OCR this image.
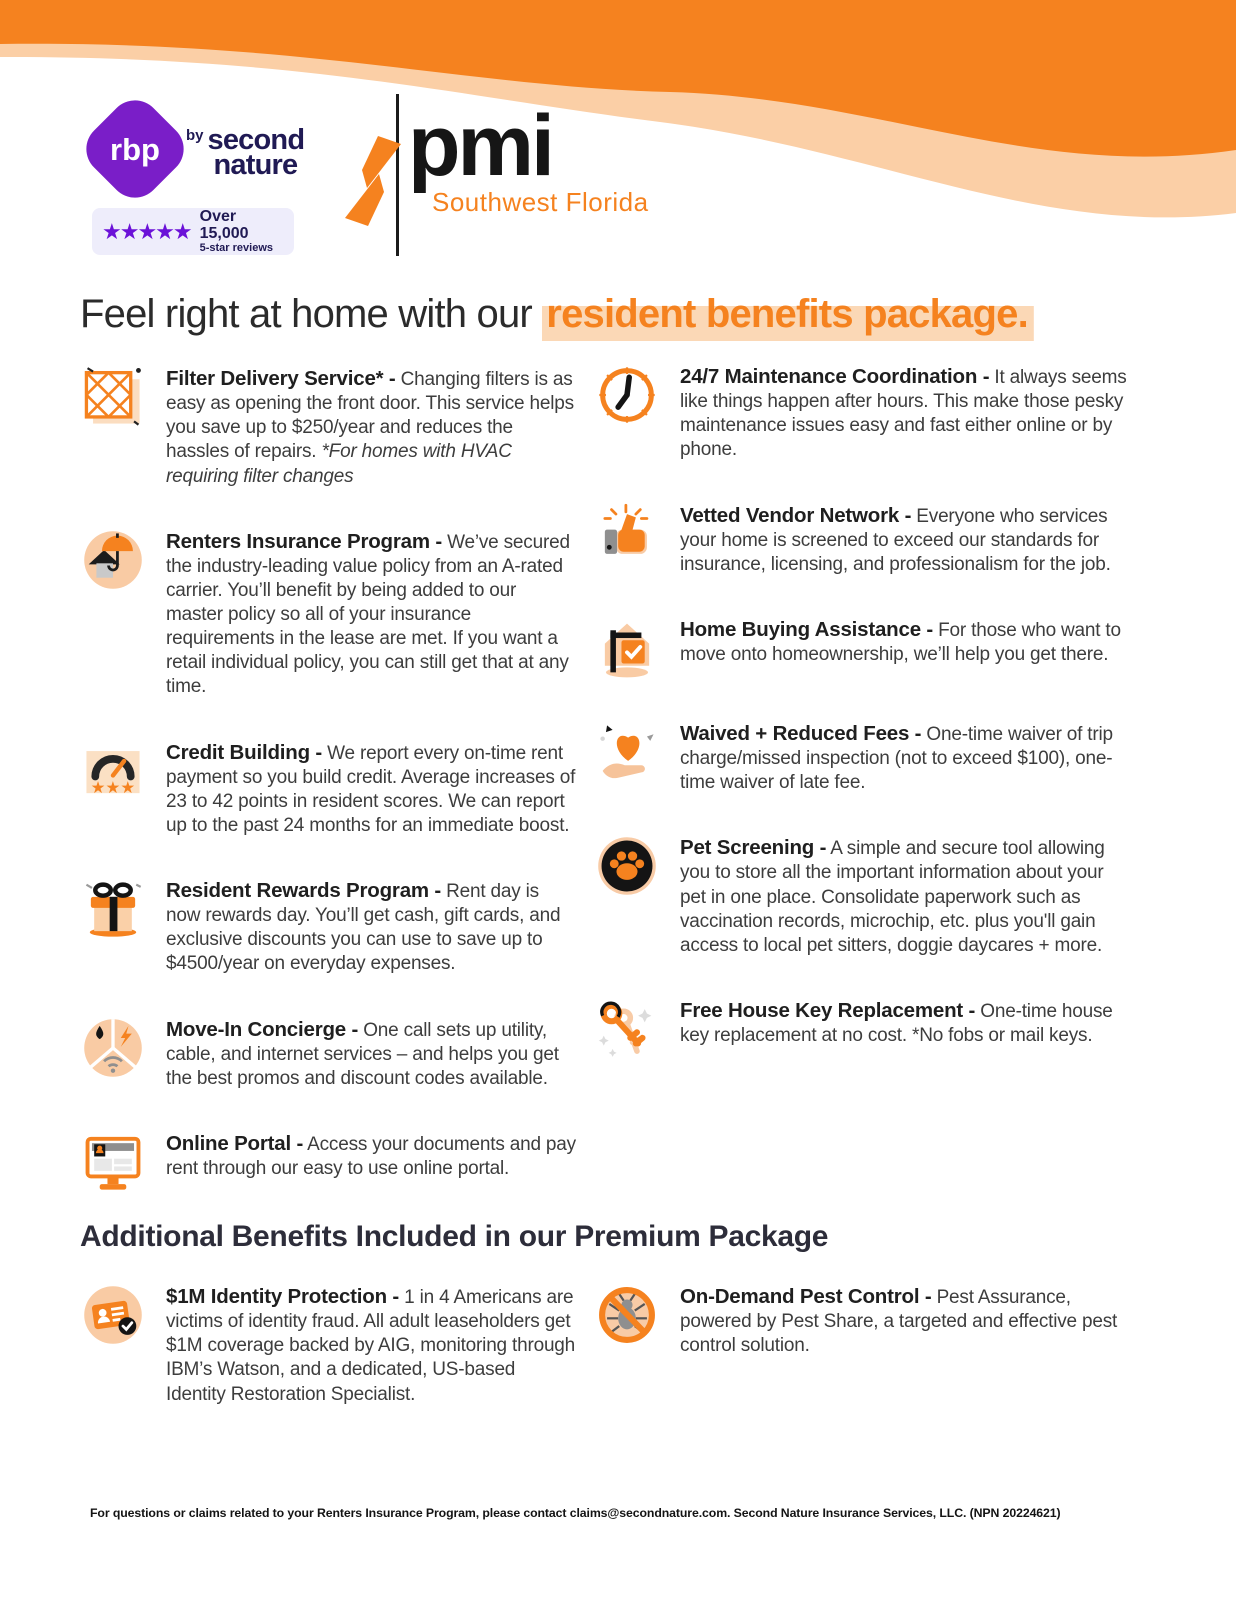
rbp by second
nature
★★★★★
Over 15,000
5-star reviews
pmi
Southwest Florida
Feel right at home with our resident benefits package.

Filter Delivery Service* - Changing filters is as easy as opening the front door. This service helps you save up to $250/year and reduces the hassles of repairs. *For homes with HVAC requiring filter changes

Renters Insurance Program - We’ve secured the industry-leading value policy from an A-rated carrier. You’ll benefit by being added to our master policy so all of your insurance requirements in the lease are met. If you want a retail individual policy, you can still get that at any time.

★★★

Credit Building - We report every on-time rent payment so you build credit. Average increases of 23 to 42 points in resident scores. We can report up to the past 24 months for an immediate boost.

Resident Rewards Program - Rent day is now rewards day. You’ll get cash, gift cards, and exclusive discounts you can use to save up to $4500/year on everyday expenses.

Move-In Concierge - One call sets up utility, cable, and internet services – and helps you get the best promos and discount codes available.

Online Portal - Access your documents and pay rent through our easy to use online portal.

24/7 Maintenance Coordination - It always seems like things happen after hours. This make those pesky maintenance issues easy and fast either online or by phone.

Vetted Vendor Network - Everyone who services your home is screened to exceed our standards for insurance, licensing, and professionalism for the job.

Home Buying Assistance - For those who want to move onto homeownership, we’ll help you get there.

Waived + Reduced Fees - One-time waiver of trip charge/missed inspection (not to exceed $100), one-time waiver of late fee.

Pet Screening - A simple and secure tool allowing you to store all the important information about your pet in one place. Consolidate paperwork such as vaccination records, microchip, etc. plus you'll gain access to local pet sitters, doggie daycares + more.

Free House Key Replacement - One-time house key replacement at no cost. *No fobs or mail keys.

Additional Benefits Included in our Premium Package

$1M Identity Protection - 1 in 4 Americans are victims of identity fraud. All adult leaseholders get $1M coverage backed by AIG, monitoring through IBM’s Watson, and a dedicated, US-based Identity Restoration Specialist.

On-Demand Pest Control - Pest Assurance, powered by Pest Share, a targeted and effective pest control solution.

For questions or claims related to your Renters Insurance Program, please contact claims@secondnature.com. Second Nature Insurance Services, LLC. (NPN 20224621)
